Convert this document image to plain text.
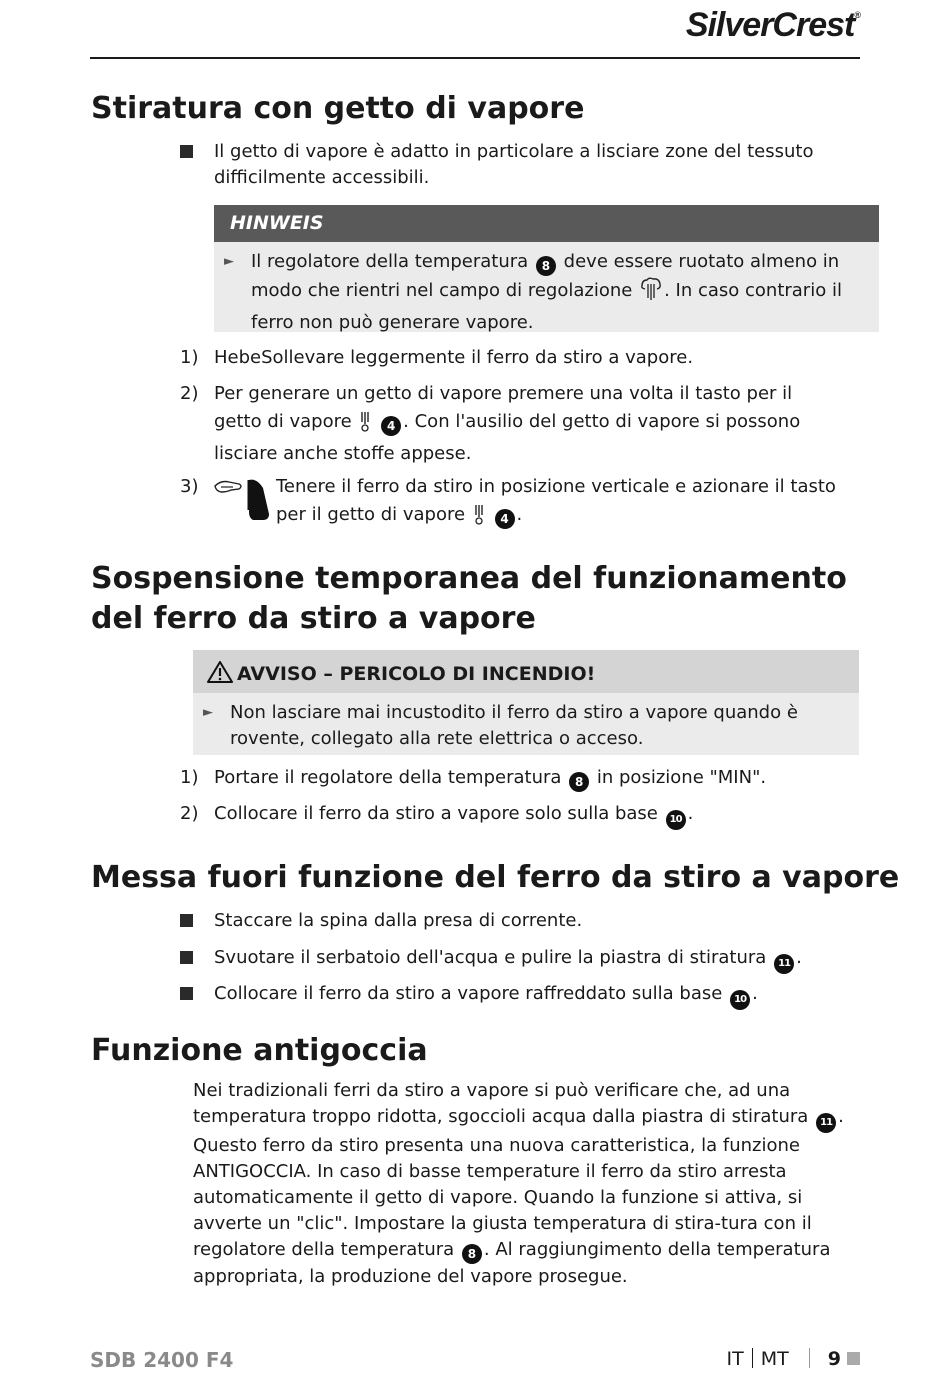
SilverCrest®
Stiratura con getto di vapore
Il getto di vapore è adatto in particolare a lisciare zone del tessuto difficilmente accessibili.
HINWEIS
► Il regolatore della temperatura 8 deve essere ruotato almeno in modo che rientri nel campo di regolazione . In caso contrario il ferro non può generare vapore.
1) HebeSollevare leggermente il ferro da stiro a vapore.
2) Per generare un getto di vapore premere una volta il tasto per il getto di vapore	4 . Con l'ausilio del getto di vapore si possono lisciare anche stoffe appese.
3)	Tenere il ferro da stiro in posizione verticale e azionare il tasto per il getto di vapore	4 .
Sospensione temporanea del funzionamento
del ferro da stiro a vapore
AVVISO – PERICOLO DI INCENDIO!
► Non lasciare mai incustodito il ferro da stiro a vapore quando è rovente, collegato alla rete elettrica o acceso.
1) Portare il regolatore della temperatura 8 in posizione "MIN".
2) Collocare il ferro da stiro a vapore solo sulla base 10 .
Messa fuori funzione del ferro da stiro a vapore
Staccare la spina dalla presa di corrente.
Svuotare il serbatoio dell'acqua e pulire la piastra di stiratura 11 .
Collocare il ferro da stiro a vapore raffreddato sulla base 10 .
Funzione antigoccia
Nei tradizionali ferri da stiro a vapore si può verificare che, ad una temperatura troppo ridotta, sgoccioli acqua dalla piastra di stiratura 11 . Questo ferro da stiro presenta una nuova caratteristica, la funzione ANTIGOCCIA. In caso di basse temperature il ferro da stiro arresta automaticamente il getto di vapore. Quando la funzione si attiva, si avverte un "clic". Impostare la giusta temperatura di stira-tura con il regolatore della temperatura 8 . Al raggiungimento della temperatura appropriata, la produzione del vapore prosegue.
SDB 2400 F4	IT MT 9
